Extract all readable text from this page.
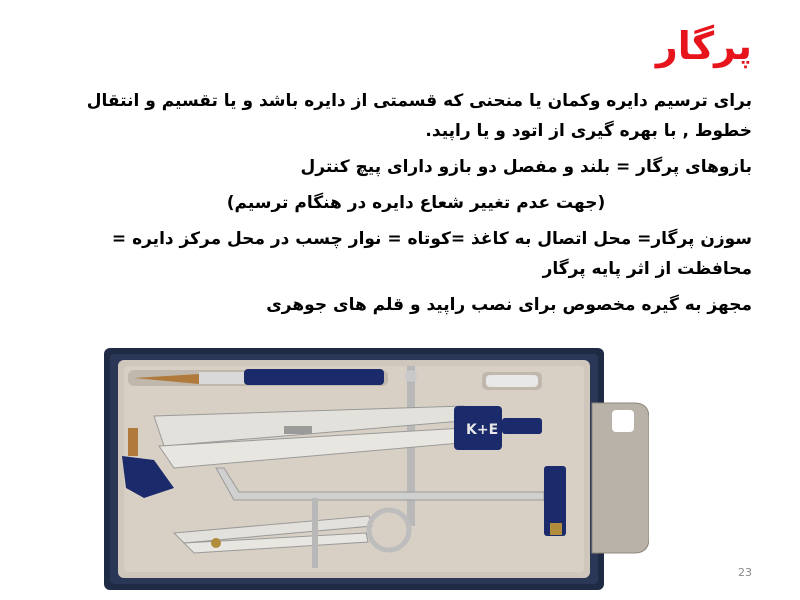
پرگار

برای ترسیم دایره وکمان یا منحنی که قسمتی از دایره باشد و یا تقسیم و انتقال خطوط , با بهره گیری از اتود و یا راپید.

بازوهای پرگار = بلند و مفصل دو بازو دارای پیچ کنترل

(جهت عدم تغییر شعاع دایره در هنگام ترسیم)

سوزن پرگار= محل اتصال به کاغذ =کوتاه = نوار چسب در محل مرکز دایره = محافظت از اثر پایه پرگار

مجهز به گیره مخصوص برای نصب راپید و قلم های جوهری

K+E
23
